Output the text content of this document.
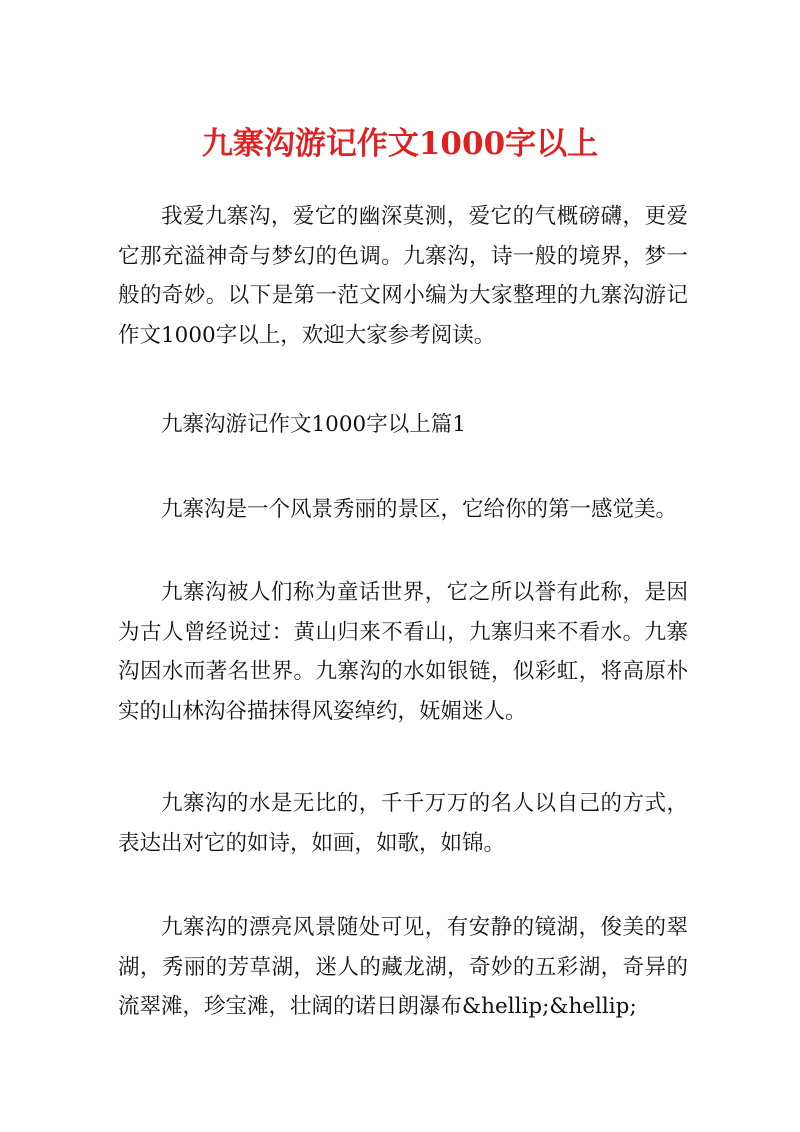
九寨沟游记作文1000字以上

我爱九寨沟，爱它的幽深莫测，爱它的气概磅礴，更爱它那充溢神奇与梦幻的色调。九寨沟，诗一般的境界，梦一般的奇妙。以下是第一范文网小编为大家整理的九寨沟游记作文1000字以上，欢迎大家参考阅读。

九寨沟游记作文1000字以上篇1

九寨沟是一个风景秀丽的景区，它给你的第一感觉美。

九寨沟被人们称为童话世界，它之所以誉有此称，是因为古人曾经说过：黄山归来不看山，九寨归来不看水。九寨沟因水而著名世界。九寨沟的水如银链，似彩虹，将高原朴实的山林沟谷描抹得风姿绰约，妩媚迷人。

九寨沟的水是无比的，千千万万的名人以自己的方式，表达出对它的如诗，如画，如歌，如锦。

九寨沟的漂亮风景随处可见，有安静的镜湖，俊美的翠湖，秀丽的芳草湖，迷人的藏龙湖，奇妙的五彩湖，奇异的流翠滩，珍宝滩，壮阔的诺日朗瀑布&hellip;&hellip;
